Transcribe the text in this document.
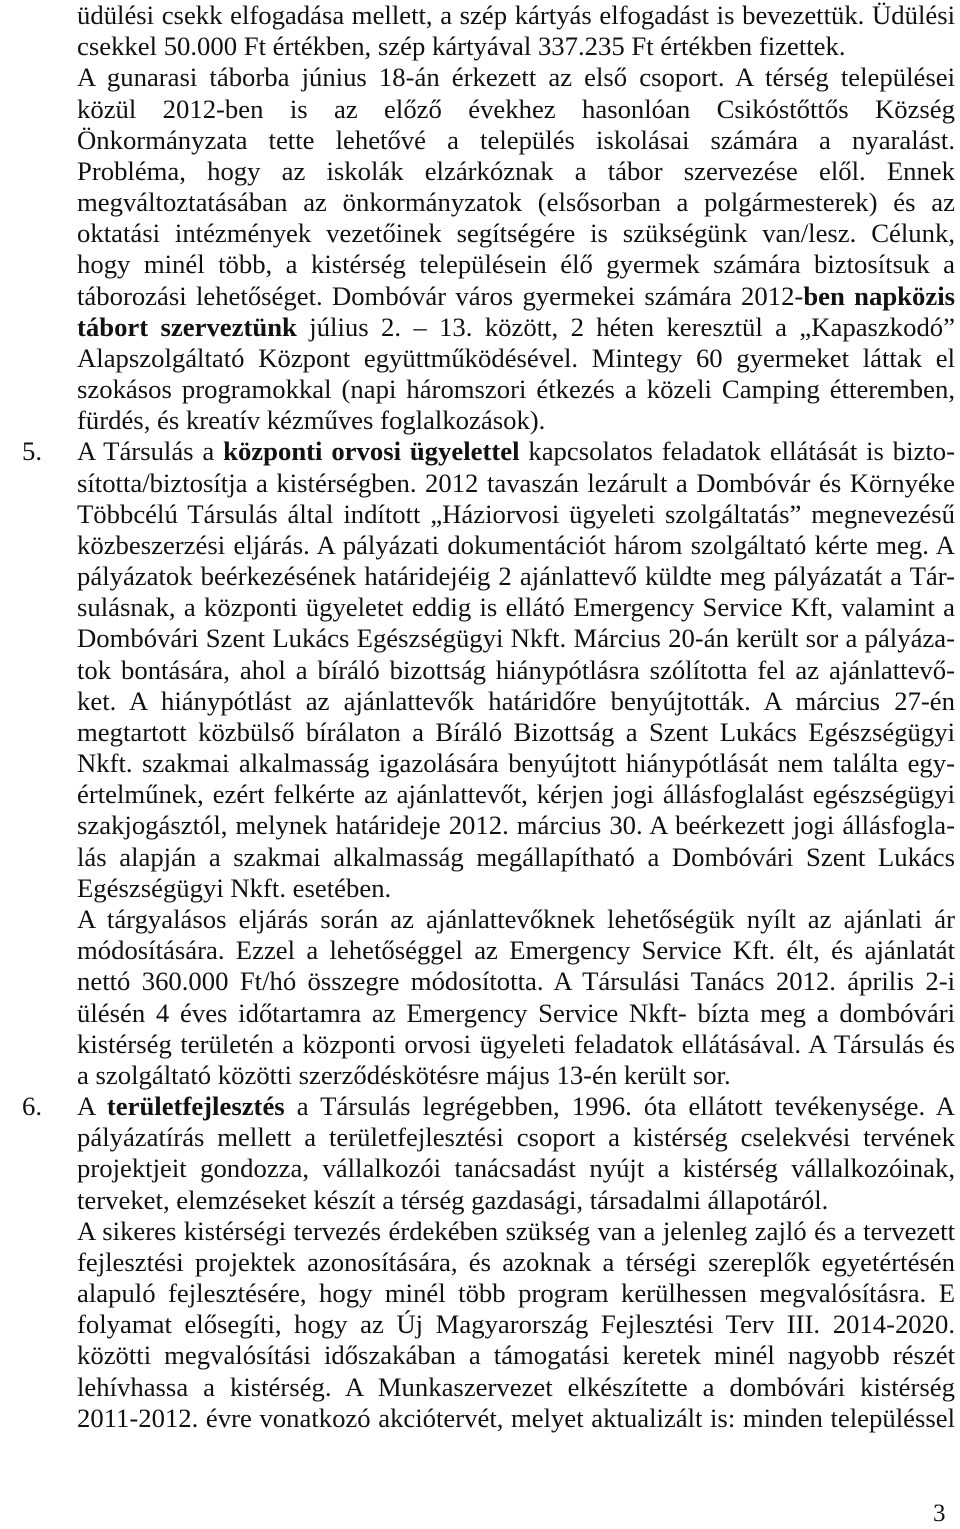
üdülési csekk elfogadása mellett, a szép kártyás elfogadást is bevezettük. Üdülési
csekkel 50.000 Ft értékben, szép kártyával 337.235 Ft értékben fizettek.
A gunarasi táborba június 18-án érkezett az első csoport. A térség települései
közül 2012-ben is az előző évekhez hasonlóan Csikóstőttős Község
Önkormányzata tette lehetővé a település iskolásai számára a nyaralást.
Probléma, hogy az iskolák elzárkóznak a tábor szervezése elől. Ennek
megváltoztatásában az önkormányzatok (elsősorban a polgármesterek) és az
oktatási intézmények vezetőinek segítségére is szükségünk van/lesz. Célunk,
hogy minél több, a kistérség településein élő gyermek számára biztosítsuk a
táborozási lehetőséget. Dombóvár város gyermekei számára 2012-ben napközis
tábort szerveztünk július 2. – 13. között, 2 héten keresztül a „Kapaszkodó”
Alapszolgáltató Központ együttműködésével. Mintegy 60 gyermeket láttak el
szokásos programokkal (napi háromszori étkezés a közeli Camping étteremben,
fürdés, és kreatív kézműves foglalkozások).
5. A Társulás a központi orvosi ügyelettel kapcsolatos feladatok ellátását is bizto-
sította/biztosítja a kistérségben. 2012 tavaszán lezárult a Dombóvár és Környéke
Többcélú Társulás által indított „Háziorvosi ügyeleti szolgáltatás” megnevezésű
közbeszerzési eljárás. A pályázati dokumentációt három szolgáltató kérte meg. A
pályázatok beérkezésének határidejéig 2 ajánlattevő küldte meg pályázatát a Tár-
sulásnak, a központi ügyeletet eddig is ellátó Emergency Service Kft, valamint a
Dombóvári Szent Lukács Egészségügyi Nkft. Március 20-án került sor a pályáza-
tok bontására, ahol a bíráló bizottság hiánypótlásra szólította fel az ajánlattevő-
ket. A hiánypótlást az ajánlattevők határidőre benyújtották. A március 27-én
megtartott közbülső bírálaton a Bíráló Bizottság a Szent Lukács Egészségügyi
Nkft. szakmai alkalmasság igazolására benyújtott hiánypótlását nem találta egy-
értelműnek, ezért felkérte az ajánlattevőt, kérjen jogi állásfoglalást egészségügyi
szakjogásztól, melynek határideje 2012. március 30. A beérkezett jogi állásfogla-
lás alapján a szakmai alkalmasság megállapítható a Dombóvári Szent Lukács
Egészségügyi Nkft. esetében.
A tárgyalásos eljárás során az ajánlattevőknek lehetőségük nyílt az ajánlati ár
módosítására. Ezzel a lehetőséggel az Emergency Service Kft. élt, és ajánlatát
nettó 360.000 Ft/hó összegre módosította. A Társulási Tanács 2012. április 2-i
ülésén 4 éves időtartamra az Emergency Service Nkft- bízta meg a dombóvári
kistérség területén a központi orvosi ügyeleti feladatok ellátásával. A Társulás és
a szolgáltató közötti szerződéskötésre május 13-én került sor.
6. A területfejlesztés a Társulás legrégebben, 1996. óta ellátott tevékenysége. A
pályázatírás mellett a területfejlesztési csoport a kistérség cselekvési tervének
projektjeit gondozza, vállalkozói tanácsadást nyújt a kistérség vállalkozóinak,
terveket, elemzéseket készít a térség gazdasági, társadalmi állapotáról.
A sikeres kistérségi tervezés érdekében szükség van a jelenleg zajló és a tervezett
fejlesztési projektek azonosítására, és azoknak a térségi szereplők egyetértésén
alapuló fejlesztésére, hogy minél több program kerülhessen megvalósításra. E
folyamat elősegíti, hogy az Új Magyarország Fejlesztési Terv III. 2014-2020.
közötti megvalósítási időszakában a támogatási keretek minél nagyobb részét
lehívhassa a kistérség. A Munkaszervezet elkészítette a dombóvári kistérség
2011-2012. évre vonatkozó akciótervét, melyet aktualizált is: minden településsel
3
